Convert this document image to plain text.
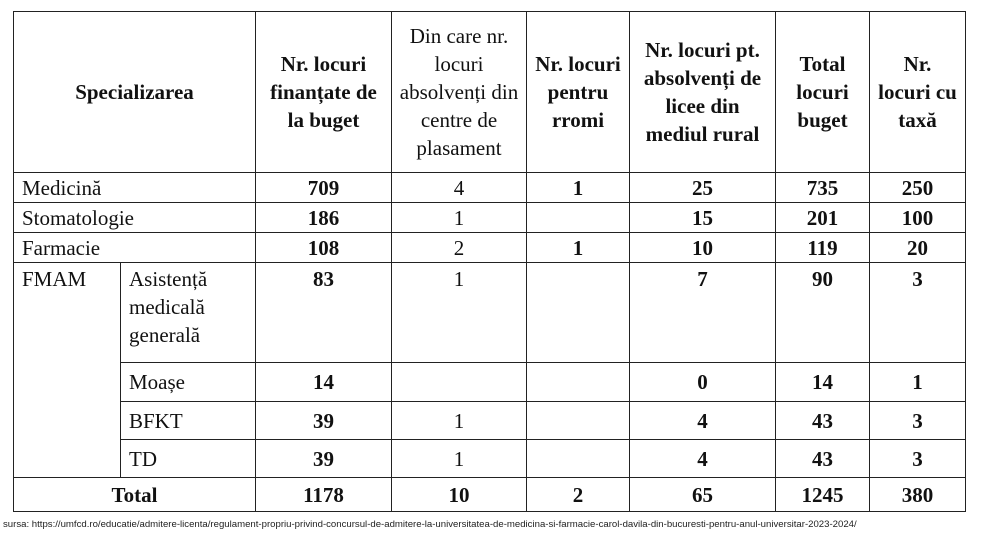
Specializarea		Nr. locuri finanțate de la buget	Din care nr. locuri absolvenți din centre de plasament	Nr. locuri pentru rromi	Nr. locuri pt. absolvenți de licee din mediul rural	Total locuri buget	Nr. locuri cu taxă
Medicină		709	4	1	25	735	250
Stomatologie		186	1		15	201	100
Farmacie		108	2	1	10	119	20
FMAM	Asistență medicală generală	83	1		7	90	3
	Moașe	14			0	14	1
	BFKT	39	1		4	43	3
	TD	39	1		4	43	3
Total		1178	10	2	65	1245	380
sursa: https://umfcd.ro/educatie/admitere-licenta/regulament-propriu-privind-concursul-de-admitere-la-universitatea-de-medicina-si-farmacie-carol-davila-din-bucuresti-pentru-anul-universitar-2023-2024/
